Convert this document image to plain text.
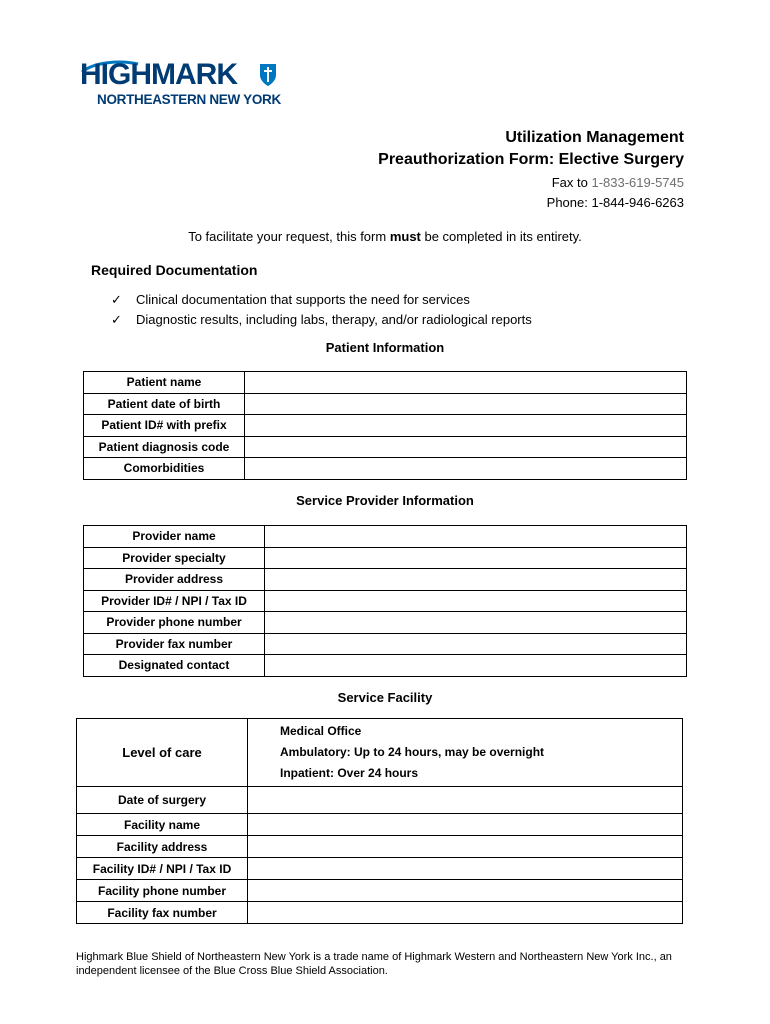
HIGHMARK
NORTHEASTERN NEW YORK
Utilization Management
Preauthorization Form: Elective Surgery
Fax to 1-833-619-5745
Phone: 1-844-946-6263
To facilitate your request, this form must be completed in its entirety.
Required Documentation
✓	Clinical documentation that supports the need for services
✓	Diagnostic results, including labs, therapy, and/or radiological reports
Patient Information
Patient name	
Patient date of birth	
Patient ID# with prefix	
Patient diagnosis code	
Comorbidities	
Service Provider Information
Provider name	
Provider specialty	
Provider address	
Provider ID# / NPI / Tax ID	
Provider phone number	
Provider fax number	
Designated contact	
Service Facility
Level of care	Medical Office
Ambulatory: Up to 24 hours, may be overnight
Inpatient: Over 24 hours

Date of surgery	
Facility name	
Facility address	
Facility ID# / NPI / Tax ID	
Facility phone number	
Facility fax number	
Highmark Blue Shield of Northeastern New York is a trade name of Highmark Western and Northeastern New York Inc., an independent licensee of the Blue Cross Blue Shield Association.
